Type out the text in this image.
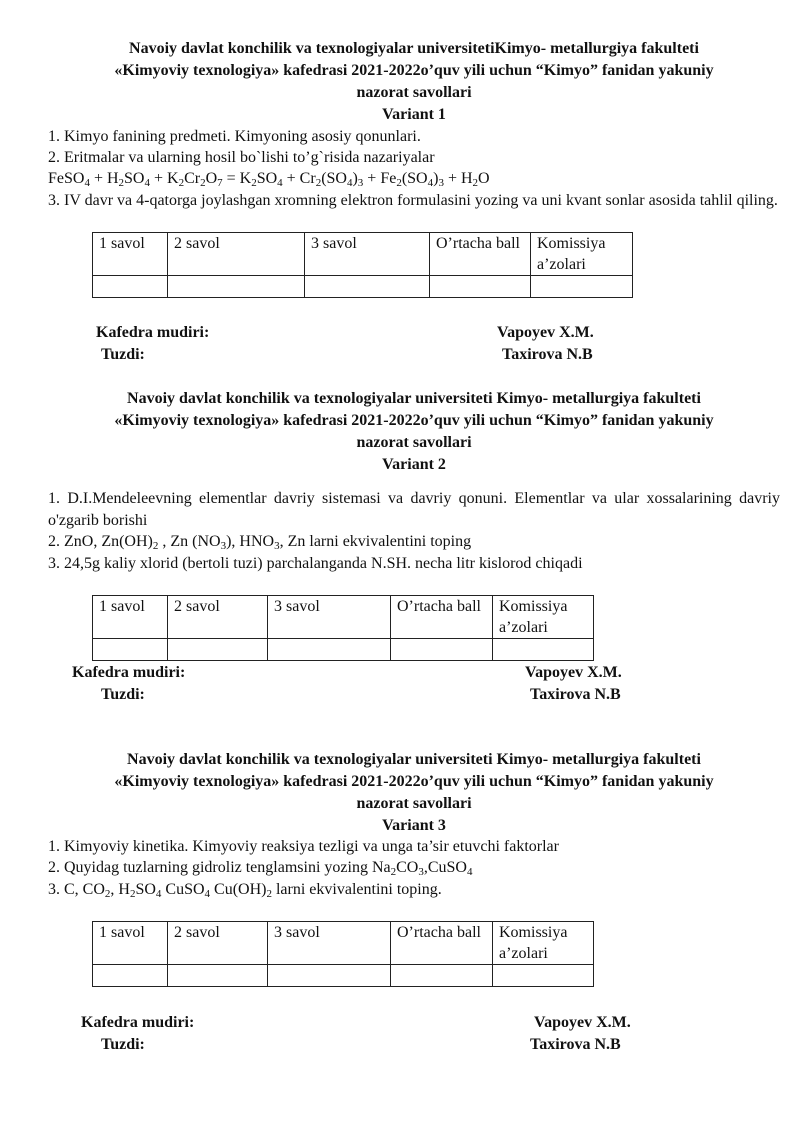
Navoiy davlat konchilik va texnologiyalar universitetiKimyo- metallurgiya fakulteti

«Kimyoviy texnologiya» kafedrasi 2021-2022o’quv yili uchun “Kimyo” fanidan yakuniy

nazorat savollari

Variant 1

1. Kimyo fanining predmeti. Kimyoning asosiy qonunlari.

2. Eritmalar va ularning hosil bo`lishi to’g`risida nazariyalar

FeSO$_4$ + $H_2SO_4 + K_2Cr_2O_7 = K_2SO_4 + Cr_2(SO_4)_3 + Fe_2(SO_4)_3 + H_2O$

3. IV davr va 4-qatorga joylashgan xromning elektron formulasini yozing va uni kvant sonlar asosida tahlil qiling.

1 savol	2 savol	3 savol	O’rtacha ball	Komissiya a’zolari

Kafedra mudiri:	Vapoyev X.M.

Tuzdi:	Taxirova N.B

Navoiy davlat konchilik va texnologiyalar universiteti Kimyo- metallurgiya fakulteti

«Kimyoviy texnologiya» kafedrasi 2021-2022o’quv yili uchun “Kimyo” fanidan yakuniy

nazorat savollari

Variant 2

1. D.I.Mendeleevning elementlar davriy sistemasi va davriy qonuni. Elementlar va ular xossalarining davriy o'zgarib borishi

2. ZnO, $Zn(OH)_2$ , Zn $(NO_3)$, $HNO_3$, Zn larni ekvivalentini toping

3. 24,5g kaliy xlorid (bertoli tuzi) parchalanganda N.SH. necha litr kislorod chiqadi

1 savol	2 savol	3 savol	O’rtacha ball	Komissiya a’zolari

Kafedra mudiri:	Vapoyev X.M.

Tuzdi:	Taxirova N.B

Navoiy davlat konchilik va texnologiyalar universiteti Kimyo- metallurgiya fakulteti

«Kimyoviy texnologiya» kafedrasi 2021-2022o’quv yili uchun “Kimyo” fanidan yakuniy

nazorat savollari

Variant 3

1. Kimyoviy kinetika. Kimyoviy reaksiya tezligi va unga ta’sir etuvchi faktorlar

2. Quyidag tuzlarning gidroliz tenglamsini yozing $Na_2CO_3,CuSO_4$

3. C, $CO_2$, $H_2SO_4$ CuSO$_4$ $Cu(OH)_2$ larni ekvivalentini toping.

1 savol	2 savol	3 savol	O’rtacha ball	Komissiya a’zolari

Kafedra mudiri:	Vapoyev X.M.

Tuzdi:	Taxirova N.B
